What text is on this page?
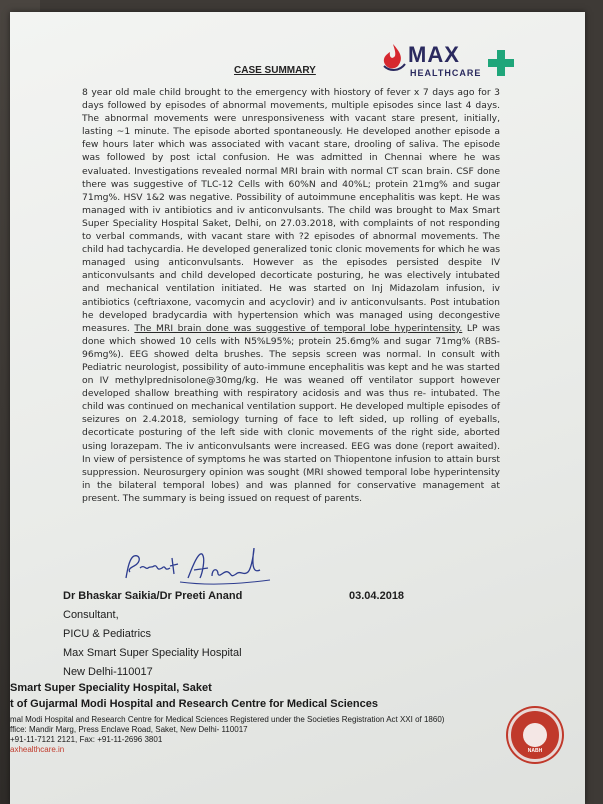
MAX
HEALTHCARE
CASE SUMMARY
8 year old male child brought to the emergency with hiostory of fever x 7 days ago for 3 days followed by episodes of abnormal movements, multiple episodes since last 4 days. The abnormal movements were unresponsiveness with vacant stare present, initially, lasting ~1 minute. The episode aborted spontaneously. He developed another episode a few hours later which was associated with vacant stare, drooling of saliva. The episode was followed by post ictal confusion. He was admitted in Chennai where he was evaluated. Investigations revealed normal MRI brain with normal CT scan brain. CSF done there was suggestive of TLC-12 Cells with 60%N and 40%L; protein 21mg% and sugar 71mg%. HSV 1&2 was negative. Possibility of autoimmune encephalitis was kept. He was managed with iv antibiotics and iv anticonvulsants. The child was brought to Max Smart Super Speciality Hospital Saket, Delhi, on 27.03.2018, with complaints of not responding to verbal commands, with vacant stare with ?2 episodes of abnormal movements. The child had tachycardia. He developed generalized tonic clonic movements for which he was managed using anticonvulsants. However as the episodes persisted despite IV anticonvulsants and child developed decorticate posturing, he was electively intubated and mechanical ventilation initiated. He was started on Inj Midazolam infusion, iv antibiotics (ceftriaxone, vacomycin and acyclovir) and iv anticonvulsants. Post intubation he developed bradycardia with hypertension which was managed using decongestive measures. The MRI brain done was suggestive of temporal lobe hyperintensity. LP was done which showed 10 cells with N5%L95%; protein 25.6mg% and sugar 71mg% (RBS-96mg%). EEG showed delta brushes. The sepsis screen was normal. In consult with Pediatric neurologist, possibility of auto-immune encephalitis was kept and he was started on IV methylprednisolone@30mg/kg. He was weaned off ventilator support however developed shallow breathing with respiratory acidosis and was thus re- intubated. The child was continued on mechanical ventilation support. He developed multiple episodes of seizures on 2.4.2018, semiology turning of face to left sided, up rolling of eyeballs, decorticate posturing of the left side with clonic movements of the right side, aborted using lorazepam. The iv anticonvulsants were increased. EEG was done (report awaited). In view of persistence of symptoms he was started on Thiopentone infusion to attain burst suppression. Neurosurgery opinion was sought (MRI showed temporal lobe hyperintensity in the bilateral temporal lobes) and was planned for conservative management at present. The summary is being issued on request of parents.
Dr Bhaskar Saikia/Dr Preeti Anand	03.04.2018
Consultant,
PICU & Pediatrics
Max Smart Super Speciality Hospital
New Delhi-110017
Smart Super Speciality Hospital, Saket
t of Gujarmal Modi Hospital and Research Centre for Medical Sciences
mal Modi Hospital and Research Centre for Medical Sciences Registered under the Societies Registration Act XXI of 1860)
ffice: Mandir Marg, Press Enclave Road, Saket, New Delhi- 110017
+91-11-7121 2121, Fax: +91-11-2696 3801
axhealthcare.in	NABH
